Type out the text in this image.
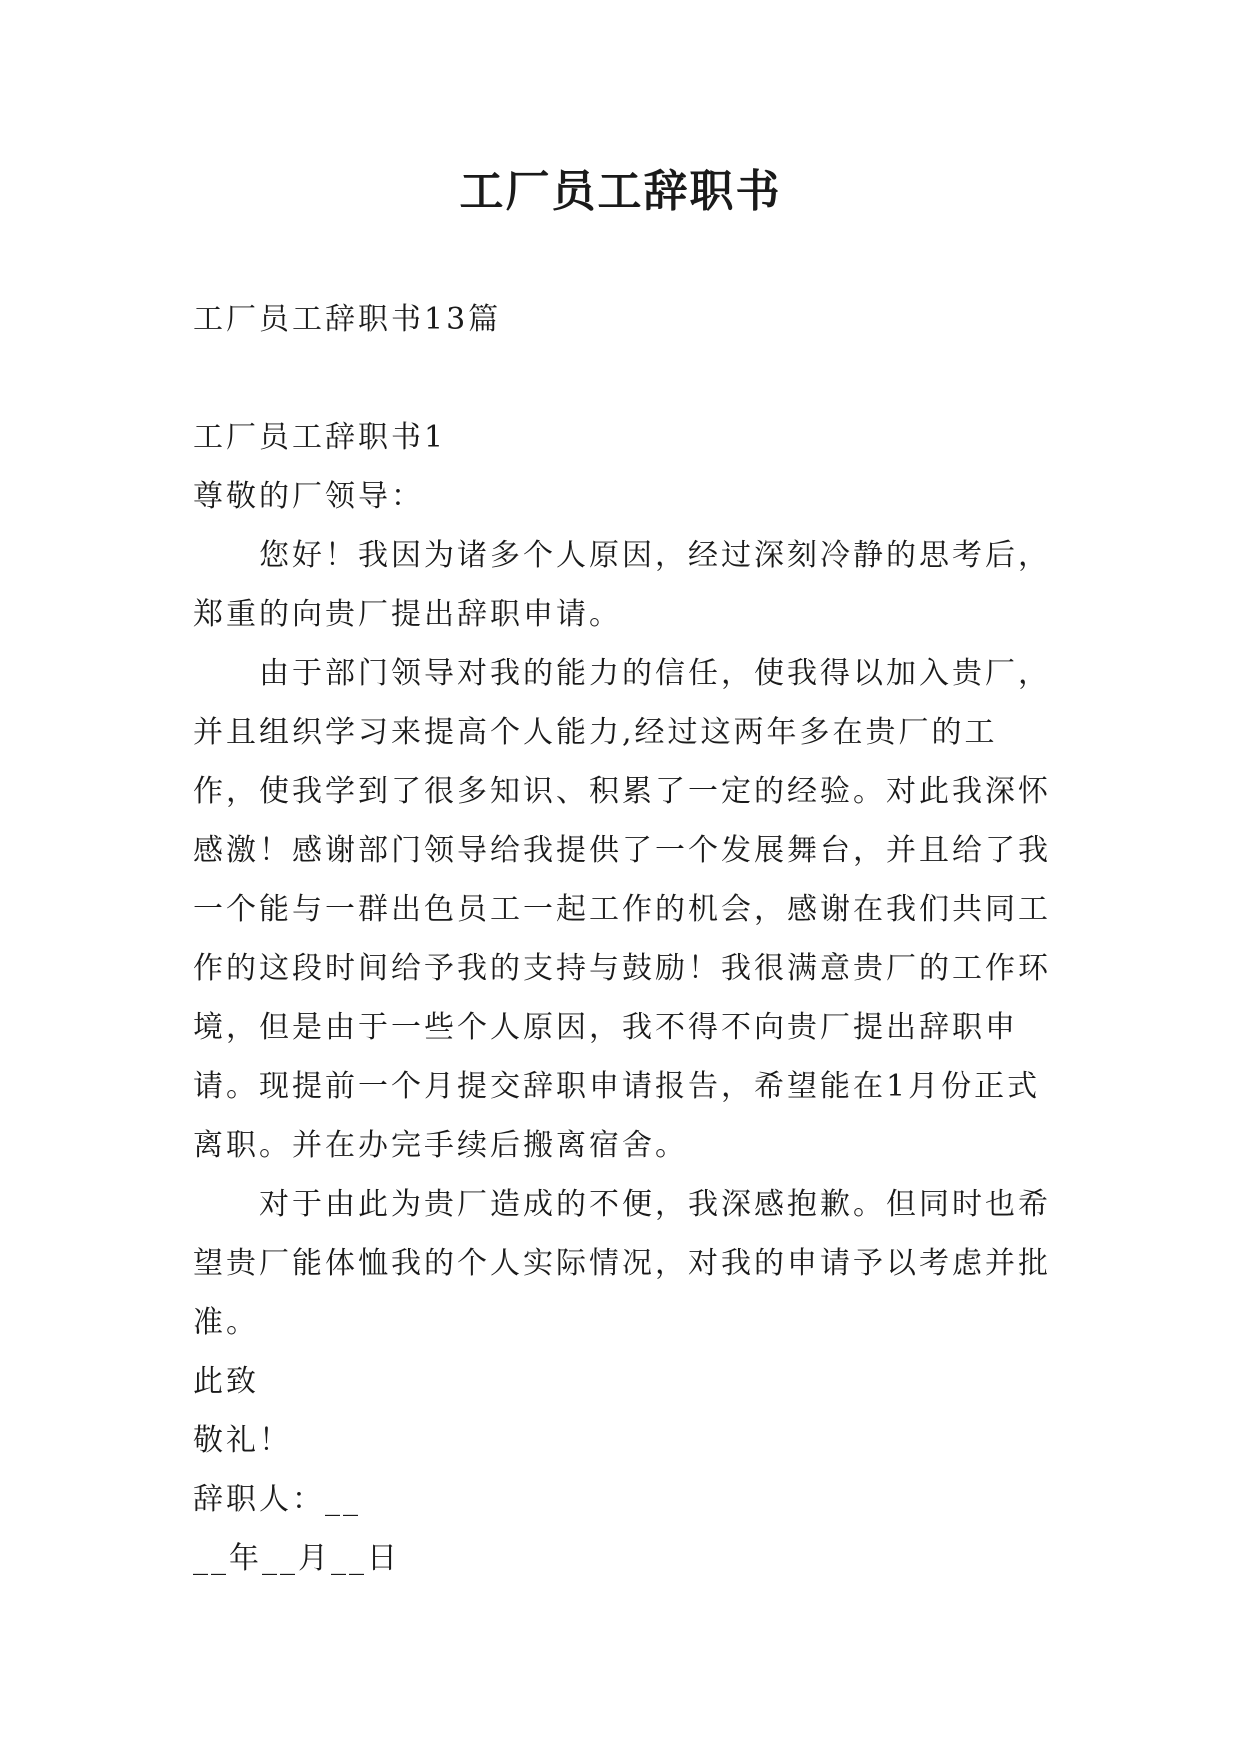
工厂员工辞职书

工厂员工辞职书13篇

工厂员工辞职书1

尊敬的厂领导：

您好！我因为诸多个人原因，经过深刻冷静的思考后，郑重的向贵厂提出辞职申请。

由于部门领导对我的能力的信任，使我得以加入贵厂，并且组织学习来提高个人能力,经过这两年多在贵厂的工作，使我学到了很多知识、积累了一定的经验。对此我深怀感激！感谢部门领导给我提供了一个发展舞台，并且给了我一个能与一群出色员工一起工作的机会，感谢在我们共同工作的这段时间给予我的支持与鼓励！我很满意贵厂的工作环境，但是由于一些个人原因，我不得不向贵厂提出辞职申请。现提前一个月提交辞职申请报告，希望能在1月份正式离职。并在办完手续后搬离宿舍。

对于由此为贵厂造成的不便，我深感抱歉。但同时也希望贵厂能体恤我的个人实际情况，对我的申请予以考虑并批准。

此致

敬礼！

辞职人：__

__年__月__日
